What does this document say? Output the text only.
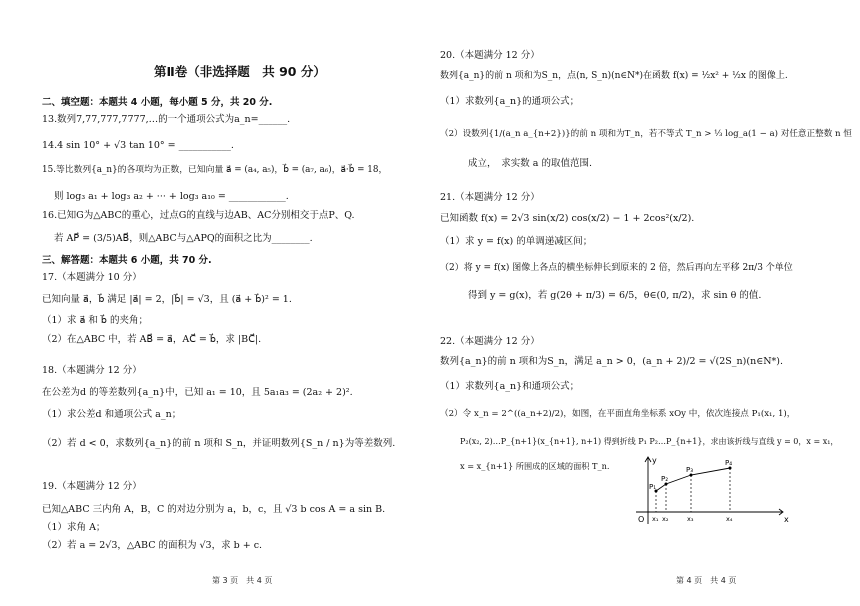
第Ⅱ卷（非选择题　共 90 分）
二、填空题：本题共 4 小题，每小题 5 分，共 20 分.
13.数列7,77,777,7777,…的一个通项公式为a_n=______.
14.4 sin 10° + √3 tan 10° = ___________.
15.等比数列{a_n}的各项均为正数，已知向量 a⃗ = (a₄, a₅)，b⃗ = (a₇, a₆)，a⃗·b⃗ = 18，
则 log₃ a₁ + log₃ a₂ + ··· + log₃ a₁₀ = ____________.
16.已知G为△ABC的重心，过点G的直线与边AB、AC分别相交于点P、Q.
若 AP⃗ = (3/5)AB⃗，则△ABC与△APQ的面积之比为________.
三、解答题：本题共 6 小题，共 70 分.
17.（本题满分 10 分）
已知向量 a⃗，b⃗ 满足 |a⃗| = 2，|b⃗| = √3，且 (a⃗ + b⃗)² = 1.
（1）求 a⃗ 和 b⃗ 的夹角；
（2）在△ABC 中，若 AB⃗ = a⃗，AC⃗ = b⃗，求 |BC⃗|.
18.（本题满分 12 分）
在公差为d 的等差数列{a_n}中，已知 a₁ = 10，且 5a₁a₃ = (2a₂ + 2)².
（1）求公差d 和通项公式 a_n；
（2）若 d < 0，求数列{a_n}的前 n 项和 S_n，并证明数列{S_n / n}为等差数列.
19.（本题满分 12 分）
已知△ABC 三内角 A，B，C 的对边分别为 a，b，c，且 √3 b cos A = a sin B.
（1）求角 A；
（2）若 a = 2√3，△ABC 的面积为 √3，求 b + c.
第 3 页　共 4 页
20.（本题满分 12 分）
数列{a_n}的前 n 项和为S_n，点(n, S_n)(n∈N*)在函数 f(x) = ½x² + ½x 的图像上.
（1）求数列{a_n}的通项公式；
（2）设数列{1/(a_n a_{n+2})}的前 n 项和为T_n，若不等式 T_n > ⅓ log_a(1 − a) 对任意正整数 n 恒
成立，　求实数 a 的取值范围.
21.（本题满分 12 分）
已知函数 f(x) = 2√3 sin(x/2) cos(x/2) − 1 + 2cos²(x/2).
（1）求 y = f(x) 的单调递减区间；
（2）将 y = f(x) 图像上各点的横坐标伸长到原来的 2 倍，然后再向左平移 2π/3 个单位
得到 y = g(x)，若 g(2θ + π/3) = 6/5，θ∈(0, π/2)，求 sin θ 的值.
22.（本题满分 12 分）
数列{a_n}的前 n 项和为S_n，满足 a_n > 0，(a_n + 2)/2 = √(2S_n)(n∈N*).
（1）求数列{a_n}和通项公式；
（2）令 x_n = 2^((a_n+2)/2)，如图，在平面直角坐标系 xOy 中，依次连接点 P₁(x₁, 1)，
P₂(x₂, 2)…P_{n+1}(x_{n+1}, n+1) 得到折线 P₁ P₂…P_{n+1}，求由该折线与直线 y = 0，x = x₁，
x = x_{n+1} 所围成的区域的面积 T_n.
y
x
O
P₁
P₂
P₃
P₄
x₁ x₂	x₃	x₄
第 4 页　共 4 页
